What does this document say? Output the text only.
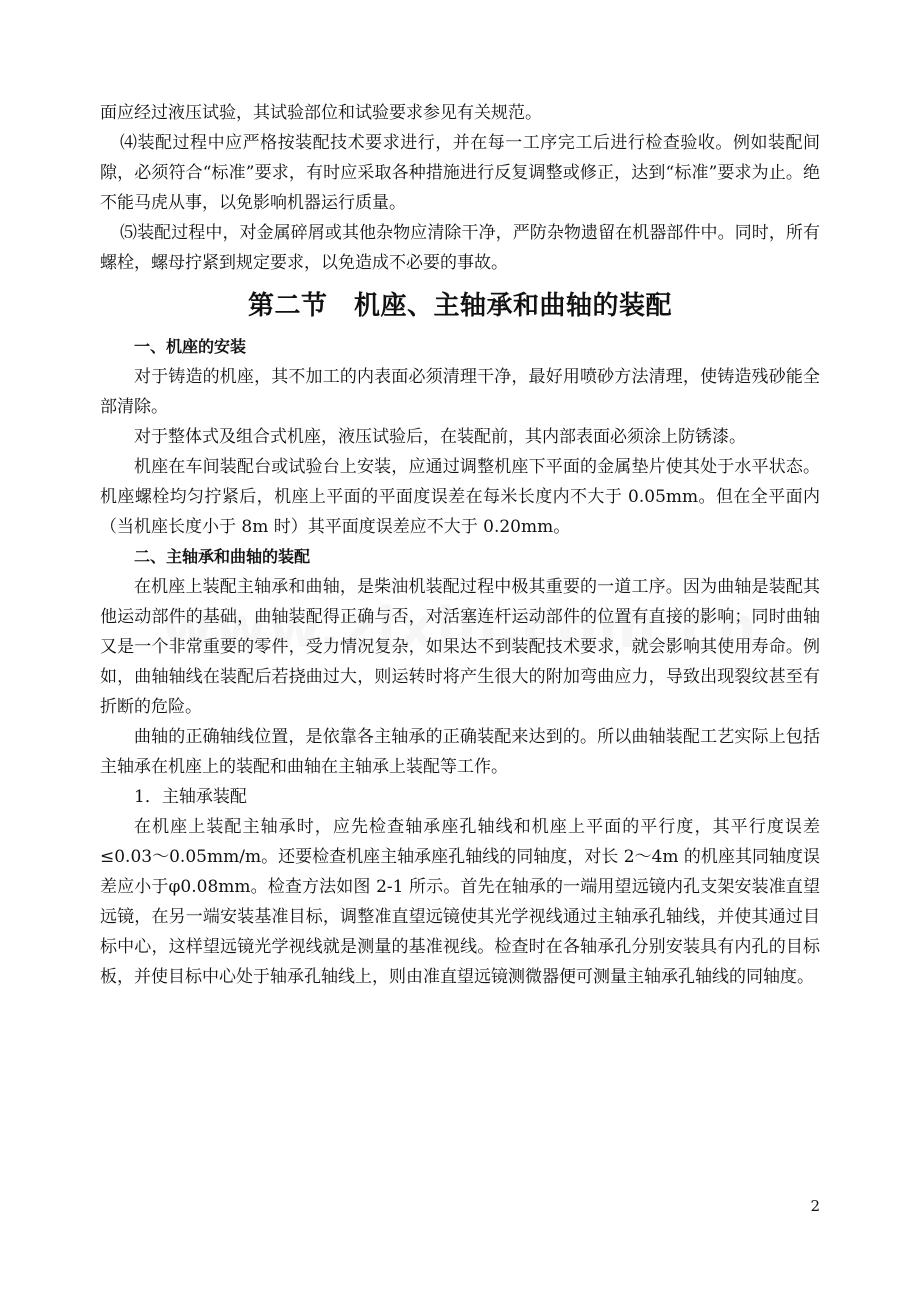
面应经过液压试验，其试验部位和试验要求参见有关规范。

⑷装配过程中应严格按装配技术要求进行，并在每一工序完工后进行检查验收。例如装配间隙，必须符合“标准”要求，有时应采取各种措施进行反复调整或修正，达到“标准”要求为止。绝不能马虎从事，以免影响机器运行质量。

⑸装配过程中，对金属碎屑或其他杂物应清除干净，严防杂物遗留在机器部件中。同时，所有螺栓，螺母拧紧到规定要求，以免造成不必要的事故。

第二节　机座、主轴承和曲轴的装配
一、机座的安装

对于铸造的机座，其不加工的内表面必须清理干净，最好用喷砂方法清理，使铸造残砂能全部清除。

对于整体式及组合式机座，液压试验后，在装配前，其内部表面必须涂上防锈漆。

机座在车间装配台或试验台上安装，应通过调整机座下平面的金属垫片使其处于水平状态。机座螺栓均匀拧紧后，机座上平面的平面度误差在每米长度内不大于 0.05mm。但在全平面内（当机座长度小于 8m 时）其平面度误差应不大于 0.20mm。

二、主轴承和曲轴的装配

在机座上装配主轴承和曲轴，是柴油机装配过程中极其重要的一道工序。因为曲轴是装配其他运动部件的基础，曲轴装配得正确与否，对活塞连杆运动部件的位置有直接的影响；同时曲轴又是一个非常重要的零件，受力情况复杂，如果达不到装配技术要求，就会影响其使用寿命。例如，曲轴轴线在装配后若挠曲过大，则运转时将产生很大的附加弯曲应力，导致出现裂纹甚至有折断的危险。

曲轴的正确轴线位置，是依靠各主轴承的正确装配来达到的。所以曲轴装配工艺实际上包括主轴承在机座上的装配和曲轴在主轴承上装配等工作。

1．主轴承装配

在机座上装配主轴承时，应先检查轴承座孔轴线和机座上平面的平行度，其平行度误差≤0.03～0.05mm/m。还要检查机座主轴承座孔轴线的同轴度，对长 2～4m 的机座其同轴度误差应小于φ0.08mm。检查方法如图 2-1 所示。首先在轴承的一端用望远镜内孔支架安装准直望远镜，在另一端安装基准目标，调整准直望远镜使其光学视线通过主轴承孔轴线，并使其通过目标中心，这样望远镜光学视线就是测量的基准视线。检查时在各轴承孔分别安装具有内孔的目标板，并使目标中心处于轴承孔轴线上，则由准直望远镜测微器便可测量主轴承孔轴线的同轴度。

2
